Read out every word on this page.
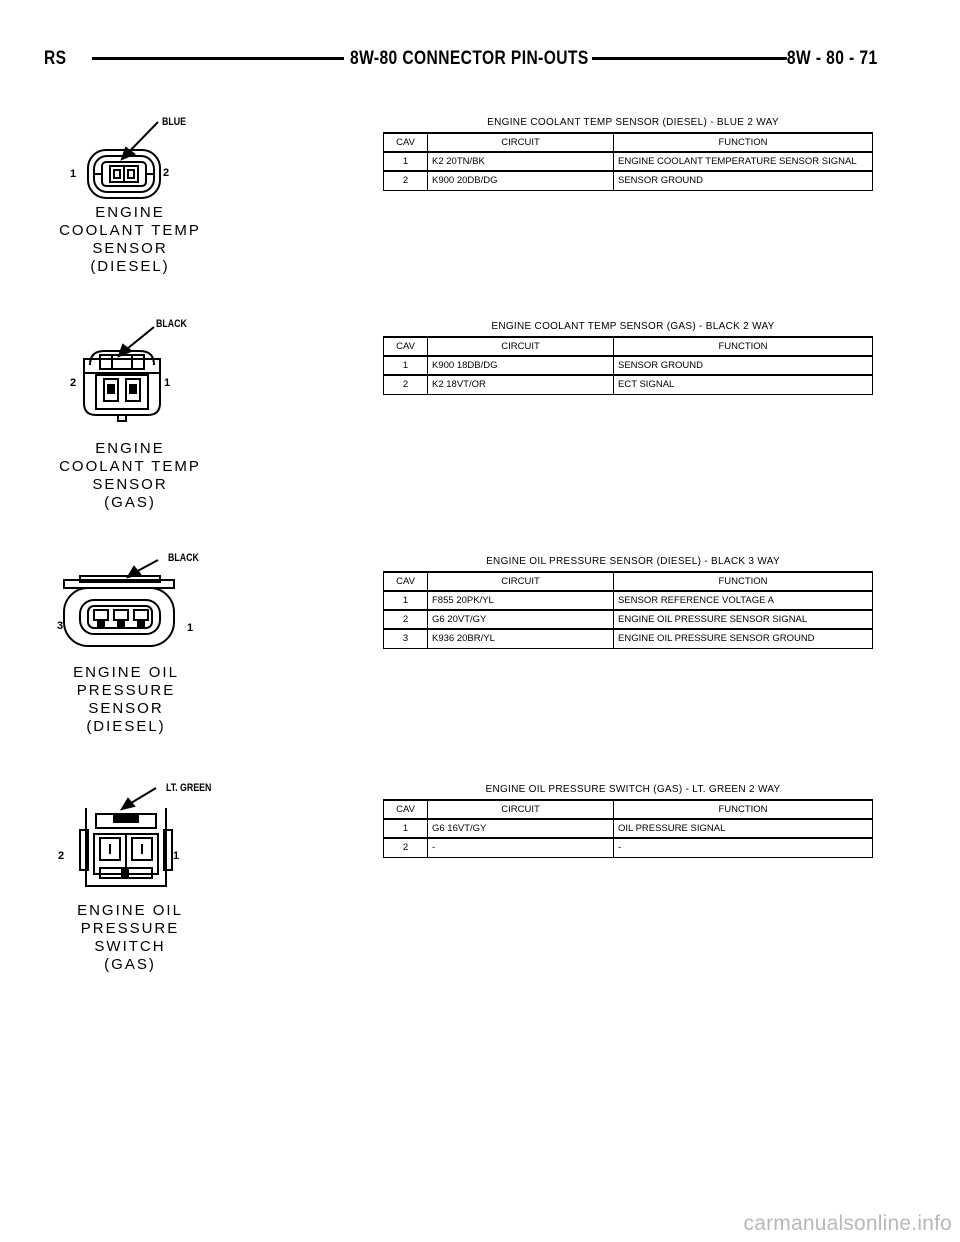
RS	8W-80 CONNECTOR PIN-OUTS	8W - 80 - 71
BLUE
1	2
ENGINE
COOLANT TEMP
SENSOR
(DIESEL)
ENGINE COOLANT TEMP SENSOR (DIESEL) - BLUE 2 WAY
CAV	CIRCUIT	FUNCTION
1	K2 20TN/BK	ENGINE COOLANT TEMPERATURE SENSOR SIGNAL
2	K900 20DB/DG	SENSOR GROUND
BLACK
2	1
ENGINE
COOLANT TEMP
SENSOR
(GAS)
ENGINE COOLANT TEMP SENSOR (GAS) - BLACK 2 WAY
CAV	CIRCUIT	FUNCTION
1	K900 18DB/DG	SENSOR GROUND
2	K2 18VT/OR	ECT SIGNAL
BLACK
3	1
ENGINE OIL
PRESSURE
SENSOR
(DIESEL)
ENGINE OIL PRESSURE SENSOR (DIESEL) - BLACK 3 WAY
CAV	CIRCUIT	FUNCTION
1	F855 20PK/YL	SENSOR REFERENCE VOLTAGE A
2	G6 20VT/GY	ENGINE OIL PRESSURE SENSOR SIGNAL
3	K936 20BR/YL	ENGINE OIL PRESSURE SENSOR GROUND
LT. GREEN
2	1
ENGINE OIL
PRESSURE
SWITCH
(GAS)
ENGINE OIL PRESSURE SWITCH (GAS) - LT. GREEN 2 WAY
CAV	CIRCUIT	FUNCTION
1	G6 16VT/GY	OIL PRESSURE SIGNAL
2	-	-
carmanualsonline.info
